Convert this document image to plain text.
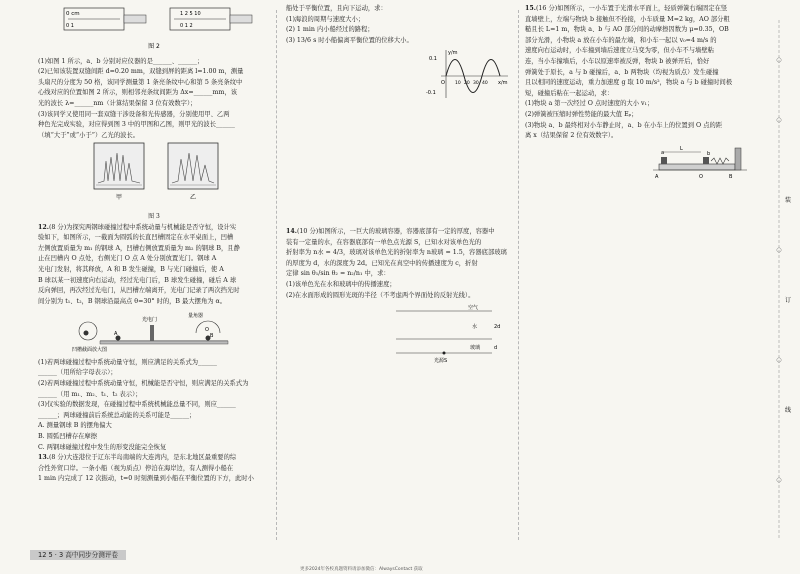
0 cm
0 1
1 2 5 10
0 1 2
图 2

(1)如图 1 所示，a、b 分别对应仪器的是______、______；

(2)已知该装置双缝间距 d=0.20 mm，双缝到屏的距离 l=1.00 m，测量

头扇尺的分度为 50 格，该同学测量第 1 条亮条纹中心和第 5 条亮条纹中

心线对应的位置如图 2 所示，则相邻亮条纹间距为 Δx=______mm，该

光的波长 λ=______nm（计算结果保留 3 位有效数字）；

(3)该同学又使用同一套双缝干涉设备和光传感器，分别使用甲、乙两

种色光完成实验，对应得到图 3 中的甲图和乙图，则甲光的波长______

（填“大于”或“小于”）乙光的波长。

甲	乙

图 3

12.(8 分)为探究两钢球碰撞过程中系统动量与机械能是否守恒，设计实

验如下，如图所示，一截面为圆弧的长直凹槽固定在水平桌面上，凹槽

左侧放置质量为 m₁ 的钢球 A，凹槽右侧放置质量为 m₂ 的钢球 B，且静

止在凹槽内 O 点处，右侧光门 O 点 A 处分别放置光门。钢球 A

光电门发射，将其释放，A 和 B 发生碰撞，B 与光门碰撞后，使 A

B 球以某一初速度向右运动，经过光电门后，B 球发生碰撞，碰后 A 球

反向弹回，再次经过光电门，从凹槽左端离开，光电门记录了两次挡光时

间分别为 t₁、t₂，B 钢球沿最高点 θ=30° 时的，B 最大摆角为 α。

凹槽截面放大图
光电门
量角器
B
O
A

(1)若两球碰撞过程中系统动量守恒，则应满足的关系式为______

______（用所给字母表示）；

(2)若两球碰撞过程中系统动量守恒，机械能是否守恒，则应满足的关系式为

______（用 m₁、m₂、t₁、t₂ 表示）；

(3)仅实验的数据发现，在碰撞过程中系统机械能总量不同，则应______

______；两球碰撞前后系统总动能的关系可能是______；

A. 测量钢球 B 的摆角偏大

B. 圆弧凹槽存在摩擦

C. 两钢球碰撞过程中发生的形变没能完全恢复

13.(8 分)大连港位于辽东半岛南端的大连湾内，是东北地区最重要的综

合性外贸口岸。一条小船（视为质点）停泊在海岸边，有人测得小船在

1 min 内完成了 12 次振动，t=0 时刻测量到小船在平衡位置的下方，此时小

船处于平衡位置，且向下运动，求：

(1)海浪的周期与速度大小；

(2) 1 min 内小船经过的路程；

(3) 13/6 s 时小船偏离平衡位置的位移大小。

y/m
x/m
0.1
-0.1
O 10 20 30 40

14.(10 分)如图所示，一巨大的玻璃容器，容器底部有一定的厚度，容器中

装有一定量的水，在容器底部有一单色点光源 S，已知水对该单色光的

折射率为 n水 = 4/3，玻璃对该单色光的折射率为 n玻璃 = 1.5，容器底部玻璃

的厚度为 d，水的深度为 2d。已知光在真空中的传播速度为 c，折射

定律 sin θ₁/sin θ₂ = n₂/n₁ 中，求：

(1)该单色光在水和玻璃中的传播速度；

(2)在水面形成的圆形光斑的半径（不考虑两个界面处的反射光线）。

空气
水
玻璃
2d
d
光源S

15.(16 分)如图所示，一小车置于光滑水平面上，轻质弹簧右端固定在竖

直墙壁上，左端与物块 b 接触但不拴接，小车质量 M=2 kg，AO 部分粗

糙且长 L=1 m，物块 a、b 与 AO 部分间的动摩擦因数为 μ=0.35，OB

部分光滑，小物块 a 放在小车的最左端，和小车一起以 v₀=4 m/s 的

速度向右运动时，小车撞到墙后速度立马变为零，但小车不与墙壁粘

连，当小车撞墙后，小车以原速率被反弹，物块 b 被弹开后，恰好

弹簧处于原长，a 与 b 碰撞后，a、b 两物块（均视为质点）发生碰撞

且以相同的速度运动，重力加速度 g 取 10 m/s²，物块 a 与 b 碰撞时间极

短，碰撞后粘在一起运动，求：

(1)物块 a 第一次经过 O 点时速度的大小 v₁；

(2)弹簧被压缩时弹性势能的最大值 Eₚ；

(3)物块 a、b 最终相对小车静止时，a、b 在小车上的位置到 O 点的距

离 x（结果保留 2 位有效数字）。

a
L
b
O
A	B
装
订
线
12 5 · 3 高中同步分测评卷
更多2024年各校真题资料请添加微信：AlwaysContact 获取
